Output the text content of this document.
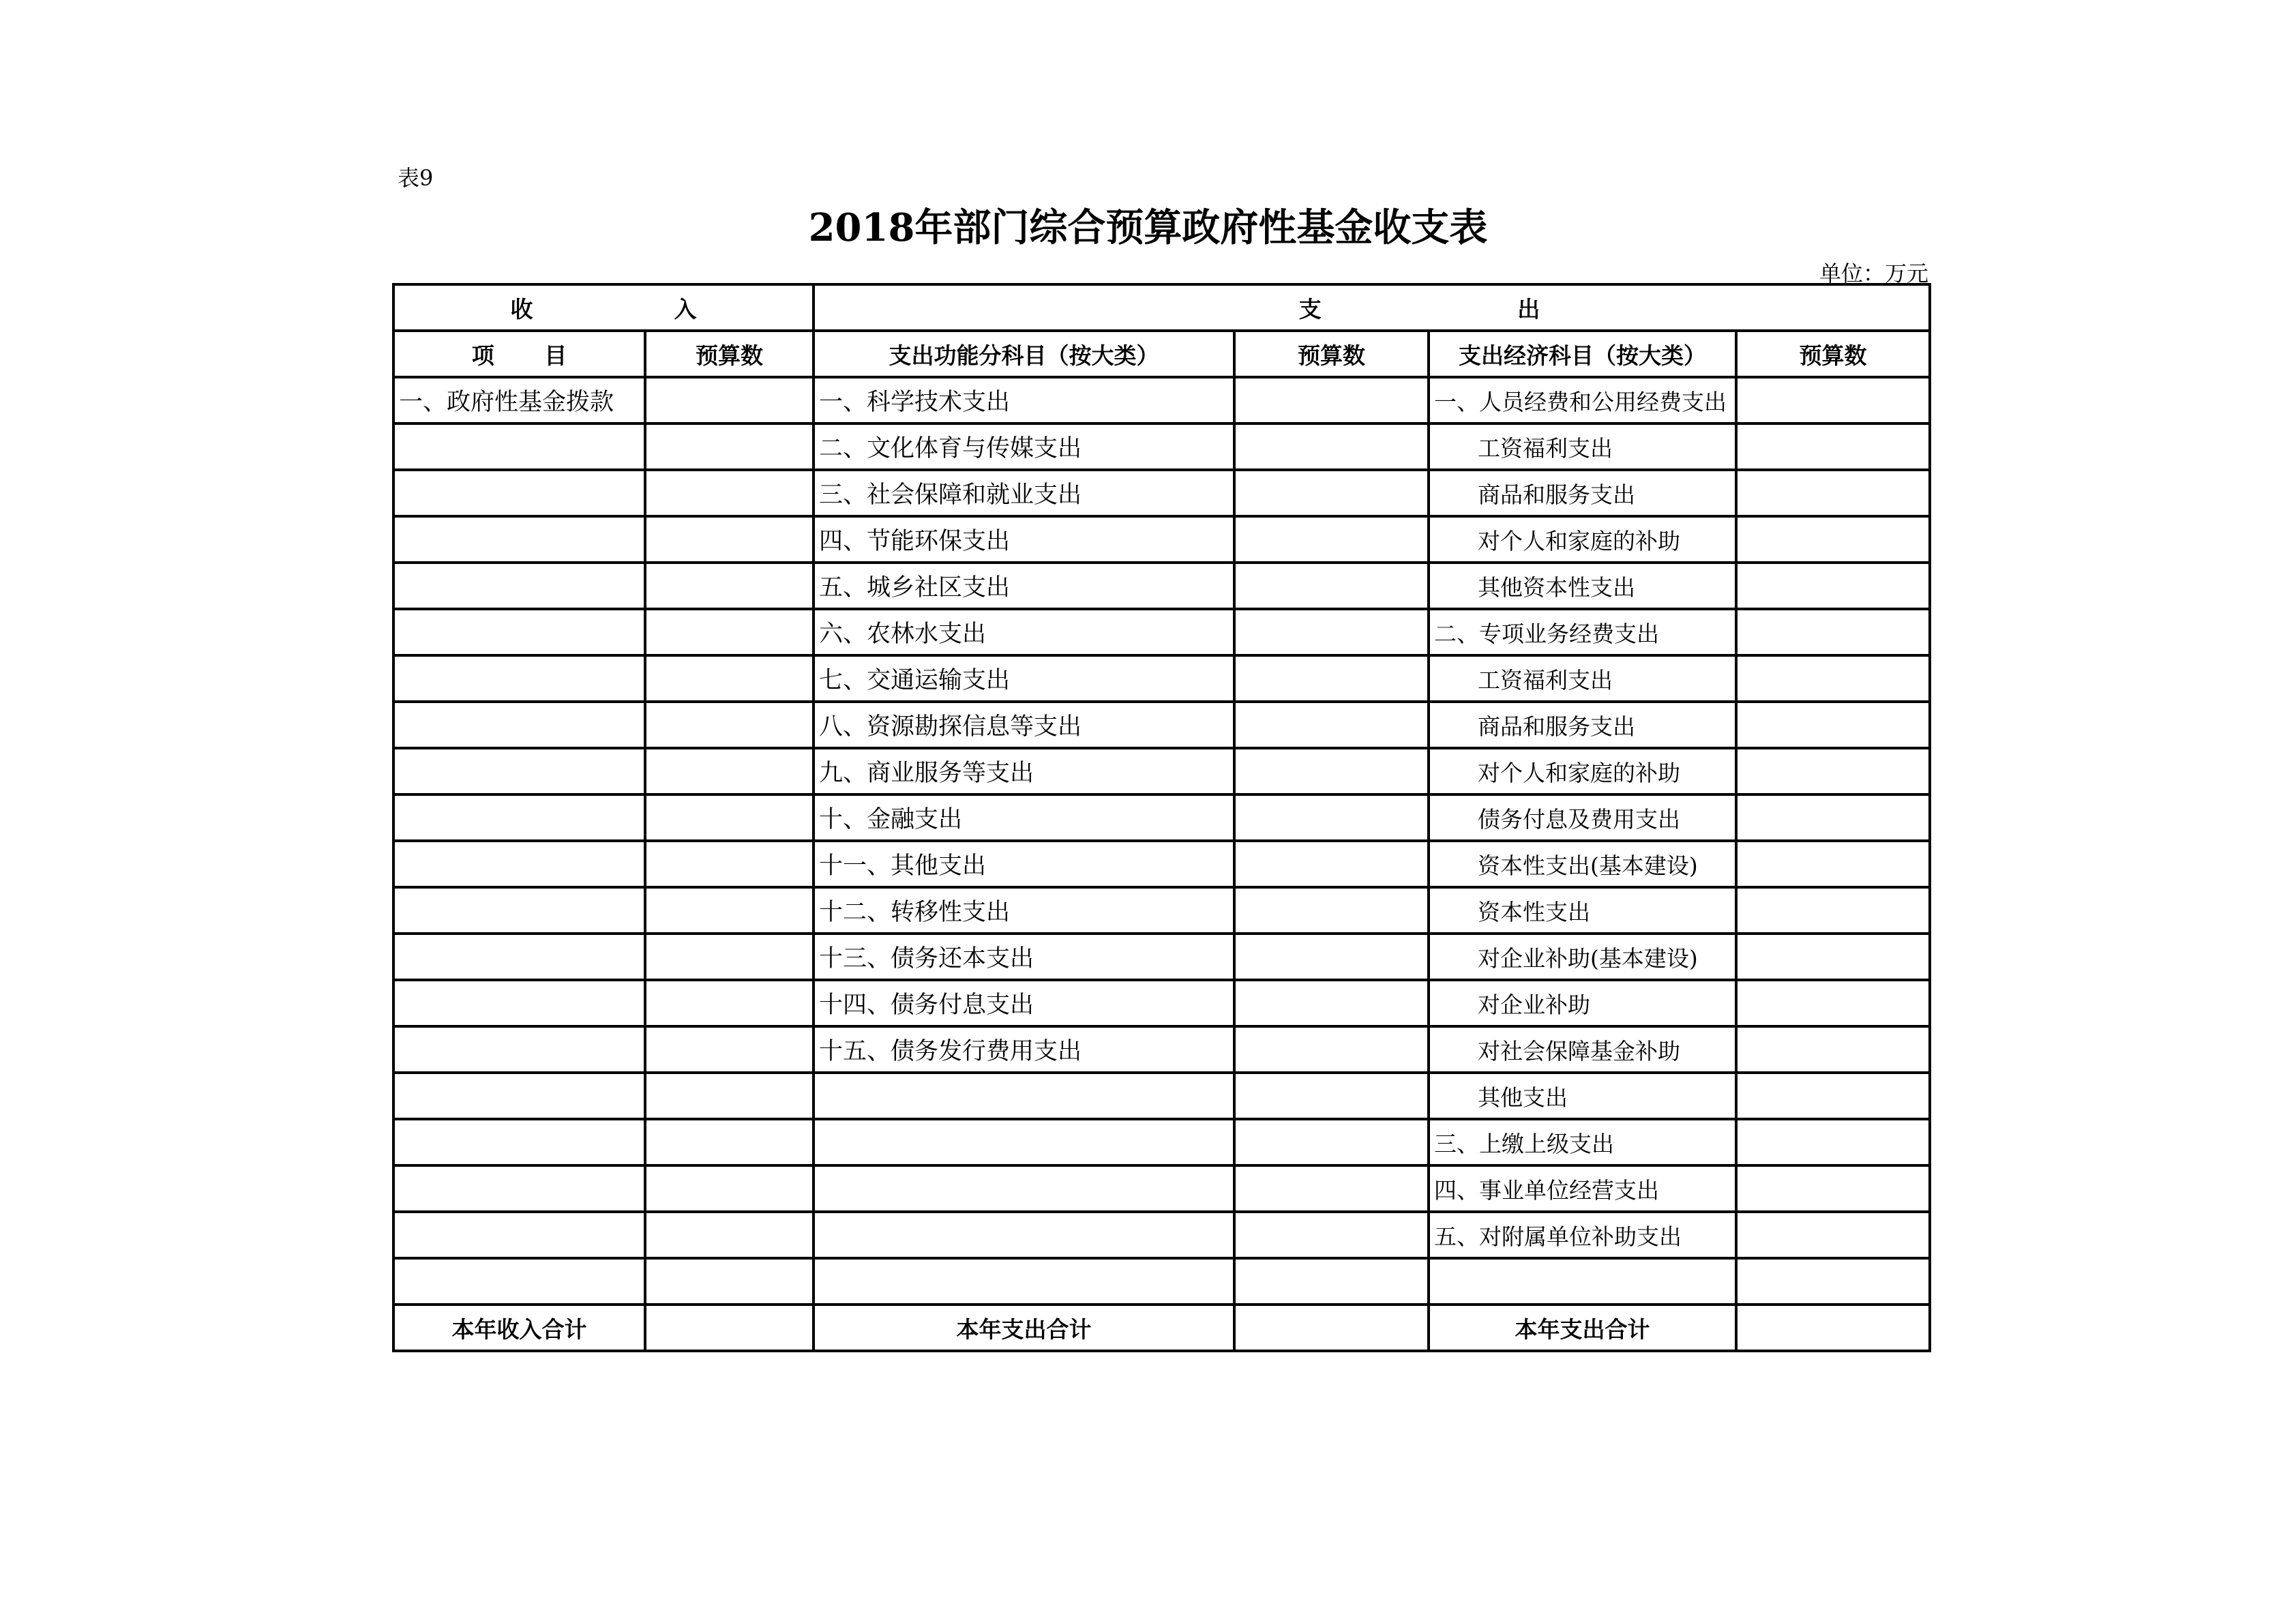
表9
2018年部门综合预算政府性基金收支表
单位：万元
收 入		支 出			

项 目	预算数	支出功能分科目（按大类）	预算数	支出经济科目（按大类）	预算数
一、政府性基金拨款		一、科学技术支出		一、人员经费和公用经费支出	
		二、文化体育与传媒支出		工资福利支出	
		三、社会保障和就业支出		商品和服务支出	
		四、节能环保支出		对个人和家庭的补助	
		五、城乡社区支出		其他资本性支出	
		六、农林水支出		二、专项业务经费支出	
		七、交通运输支出		工资福利支出	
		八、资源勘探信息等支出		商品和服务支出	
		九、商业服务等支出		对个人和家庭的补助	
		十、金融支出		债务付息及费用支出	
		十一、其他支出		资本性支出(基本建设)	
		十二、转移性支出		资本性支出	
		十三、债务还本支出		对企业补助(基本建设)	
		十四、债务付息支出		对企业补助	
		十五、债务发行费用支出		对社会保障基金补助	
				其他支出	
				三、上缴上级支出	
				四、事业单位经营支出	
				五、对附属单位补助支出	

本年收入合计		本年支出合计		本年支出合计	
